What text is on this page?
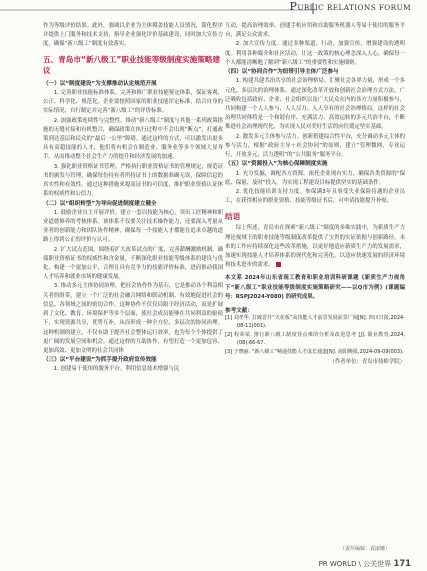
PUBLIC RELATIONS FORUM

作为等级评价结果。此外，强调以企业为主体摸盖技能人员情况，简化程序并提供上门服务和技术支持，指导企业强化评价基础建设，同时加大宣传力度，确保“新八级工”制度有效落实。

五、青岛市“新八级工”职业技能等级制度实施策略建议

（一）以“制度建设”为支撑推动认定规范开展

1. 完善职业技能标准体系。完善和推广职业技能鉴定体系，保证客观、公正、科学化、规范化。企业要按照国家的职业技能评定标准，结合自身的实际情况，自行制定并完善“新八级工”的评价标准。

2. 加强政策连续性与完整性。推动“新八级工”制度与其他一系列政策措施的无缝对接和有机整合，确保政策在执行过程中不会出现“断点”，打通政策到达基层和民众的“最后一公里”障碍。通过这样的方式，可以激发出更多具有高超技能的人才，他们将有机会在制造业、服务业等多个领域大显身手。从而推动整个社会生产力的提升和经济发展的加速。

3. 强化职业资格证书管理。严格执行职业资格证书的管理规定，规范证书的颁发与管理，确保每份持有者所持证书上的数据准确无误，保障信息的真实性和有效性。通过这种措施来提高证书的可信度，维护职业资格认证体系的权威性和公信力。

（二）以“组织转型”为导向促进制度建立健全

1. 鼓励企业自主开展评价。建立一套以技能为核心，突出工匠精神和职业道德修养的考核体系。该体系不仅要关注技术操作能力，还要深入考量从业者的创新能力和团队协作精神，确保每一个技能人才都能在追求卓越的道路上得到公正的评价与认可。

2. 扩大试点范围。围绕着扩大改革试点的广度，完善薪酬激励机制。确保职业资格证书的权威性和含金量，不断深化职业技能等级体系的建设与优化。构建一个更加公平、合理且具有竞争力的技能评价标准，进而推动我国人才培养和就业市场的健康发展。

3. 推动多元主体协同治理。把社会协作作为基石，它是推动各个利益相关者的组带，建立一个广泛的社会融合网络和联动机制。有效地促进社会的信息、各领域之间的密切合作。这种协作不仅仅局限于经济活动，而是扩展到了文化、教育、环境保护等多个层面，使社会成员能够在共同利益的驱使下，实现资源共享，优势互补，从而形成一种全方位、多层次的协同治理。这种机制的建立，不仅有助于提升社会整体运行效率，也为每个个体提供了更广阔的发展空间和机会。通过这样的互助协作，有望打造一个更加包容、更加高效、更加文明的社会共同体

（三）以“平台建设”为抓手提升政府宣传效能

1. 创建易于使用的服务平台。利用信息技术增强与民

互动，提高治理效率，创建手机应用和自助服务机器人等易于使用的服务平台，满足公众需求。

2. 加大宣传力度。通过多种渠道，行动，加强宣传，增强建设的透明度。利用各种媒介和社区活动，让这一政策的核心理念深入人心，确保每一个人都能清晰地了解到“新八级工”的重要性和实施细则。

（四）以“协同合作”为纽带引导主体广泛参与

1. 构建共建共治共享的社会治理格局。汇聚社会各界力量，形成一个多元化、多层次的治理体系。通过深化改革开放和创新社会治理方式方法，广泛吸收包括政府、企业、社会组织以及广大民众在内的各方力量积极参与，共同构建一个人人参与、人人尽力、人人享有的社会治理格局。这样的社会治理共同体将是一个和谐有序、充满活力、高效运转的多元共治平台，不断推进社会治理现代化，为实现人民对美好生活的向往奠定坚实基础。

2. 激发多元主体参与活力。创新搭建综合性平台，充分调动多元主体的参与活力，根据“政府主导＋社会协同”的原则，建立“管理微网，专业运行，开放多元，活力透明”的“公共服务”服务平台。

（五）以“资源投入”为核心保障制度实施

1. 充分发掘，调配各方资源。依托企业现有实力，确保各类资源的“保底、保量、及时”投入，为实现工程建设目标提供坚实的基础条件。

2. 优化技能培训支持力度。参保满3年且事受失业保险待遇的企业员工，在获得相应的职业资格、技能等级证书后，可申请技能提升补贴。

结语

综上所述，青岛市在探索“新八级工”制度的多维实践中，为新质生产力理论视域下的职业技能等级制度改革提供了宝贵的实证依据与创新路径。未来的工作应持续深化这些改革措施，以更好地适应新质生产力的发展需求，加速实现技能人才培养体系的现代化和完善化。以适应快速发展的经济环境和技术进步的需求。

本文系 2024年山东省现工教育和职业培训科研课题《新质生产力视角下“新八级工”职业技能等级制度实施策略研究——以Q市为例》(课题编号：RSPJ2024-Y080) 的研究成果。
参考文献：
[1] 刘孝华. 打破晋升“天花板”高技能人才前景发展前景广阔[N]. 四川日报,2024-08-11(001).
[2] 程荣荣. 推行新八级工制度待点难的分析及改进思考 [J]. 职业教育,2024,(08):66-67.
[3] 于晓丽. “新八级工”畅通技能人才成长通道[N]. 南阳晚报,2024-09-09(003).
（作者单位：青岛市技师学院）
（责任编辑：袁丽娜）
PR WORLD \ 公关世界 171
